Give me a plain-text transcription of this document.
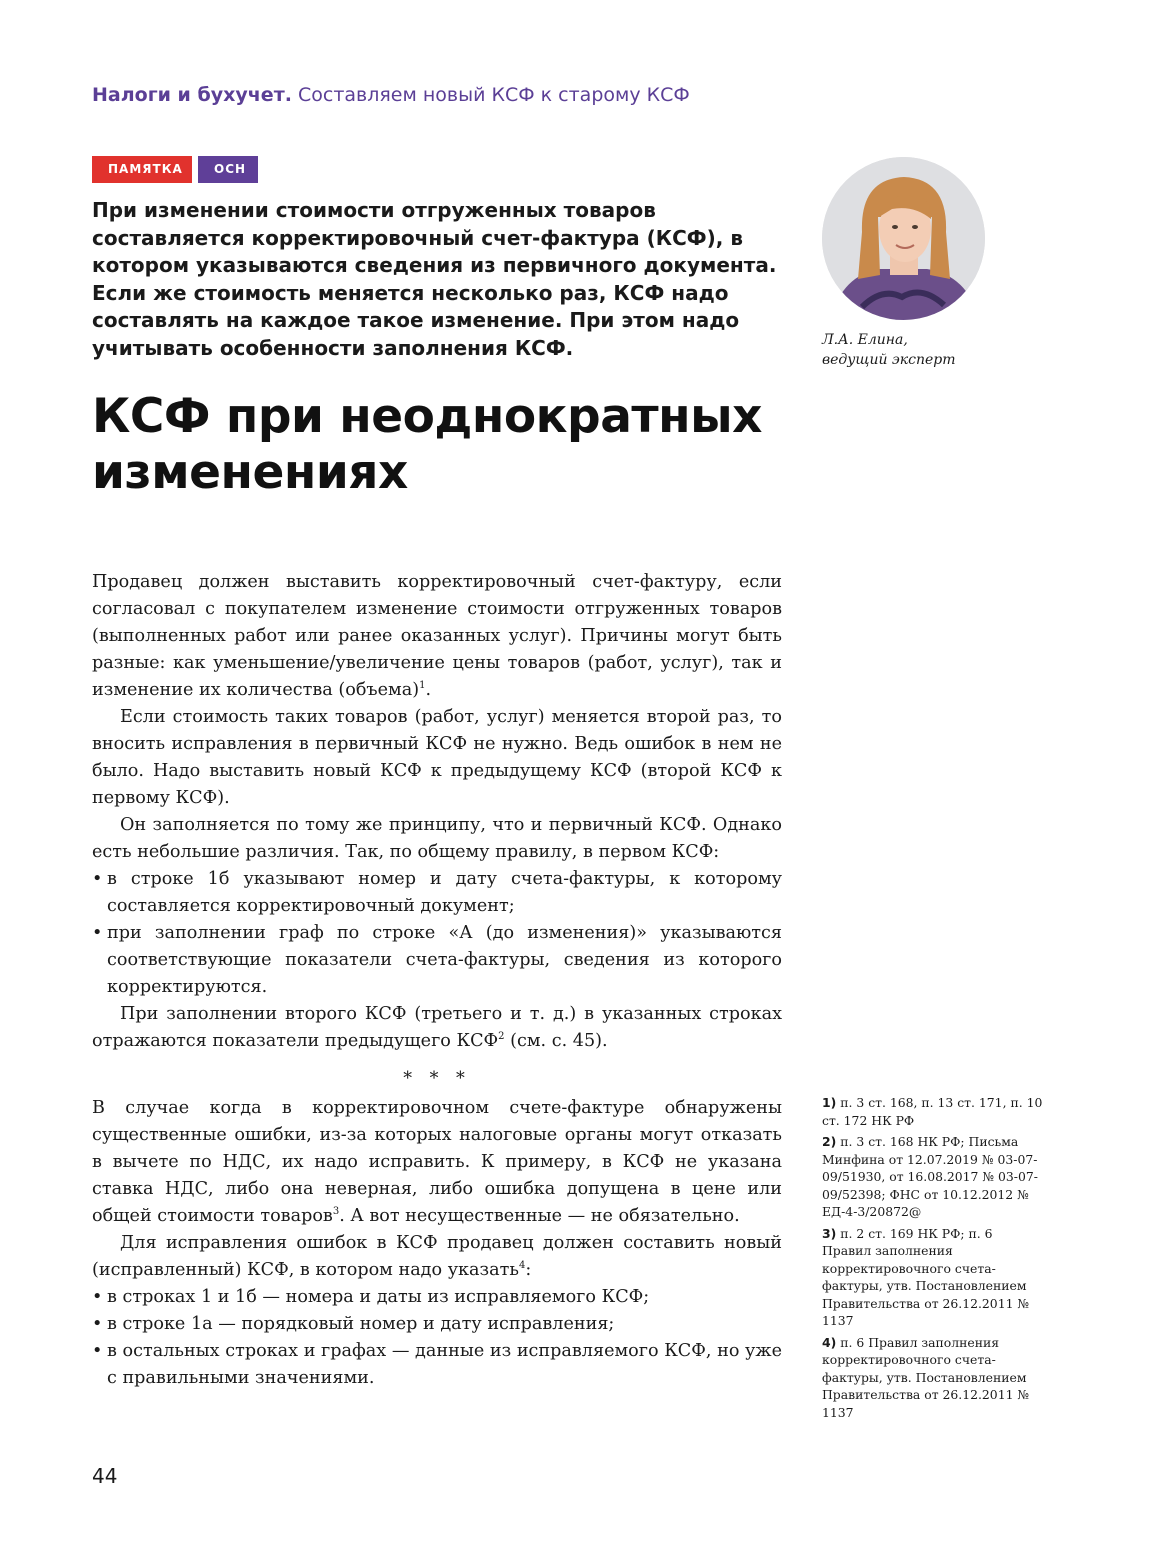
Налоги и бухучет. Составляем новый КСФ к старому КСФ
ПАМЯТКА	ОСН

При изменении стоимости отгруженных товаров составляется корректировочный счет-фактура (КСФ), в котором указываются сведения из первичного документа. Если же стоимость меняется несколько раз, КСФ надо составлять на каждое такое изменение. При этом надо учитывать особенности заполнения КСФ.	Л.А. Елина,
ведущий эксперт
КСФ при неоднократных изменениях

Продавец должен выставить корректировочный счет-фактуру, если согласовал с покупателем изменение стоимости отгруженных товаров (выполненных работ или ранее оказанных услуг). Причины могут быть разные: как уменьшение/увеличение цены товаров (работ, услуг), так и изменение их количества (объема)$^1$.

Если стоимость таких товаров (работ, услуг) меняется второй раз, то вносить исправления в первичный КСФ не нужно. Ведь ошибок в нем не было. Надо выставить новый КСФ к предыдущему КСФ (второй КСФ к первому КСФ).

Он заполняется по тому же принципу, что и первичный КСФ. Однако есть небольшие различия. Так, по общему правилу, в первом КСФ:

• в строке 1б указывают номер и дату счета-фактуры, к которому составляется корректировочный документ;
• при заполнении граф по строке «А (до изменения)» указываются соответствующие показатели счета-фактуры, сведения из которого корректируются.

При заполнении второго КСФ (третьего и т. д.) в указанных строках отражаются показатели предыдущего КСФ$^2$ (см. с. 45).

* * *

В случае когда в корректировочном счете-фактуре обнаружены существенные ошибки, из-за которых налоговые органы могут отказать в вычете по НДС, их надо исправить. К примеру, в КСФ не указана ставка НДС, либо она неверная, либо ошибка допущена в цене или общей стоимости товаров$^3$. А вот несущественные — не обязательно.

Для исправления ошибок в КСФ продавец должен составить новый (исправленный) КСФ, в котором надо указать$^4$:

• в строках 1 и 1б — номера и даты из исправляемого КСФ;
• в строке 1а — порядковый номер и дату исправления;
• в остальных строках и графах — данные из исправляемого КСФ, но уже с правильными значениями.

1) п. 3 ст. 168, п. 13 ст. 171, п. 10 ст. 172 НК РФ

2) п. 3 ст. 168 НК РФ; Письма Минфина от 12.07.2019 № 03-07-09/51930, от 16.08.2017 № 03-07-09/52398; ФНС от 10.12.2012 № ЕД-4-3/20872@

3) п. 2 ст. 169 НК РФ; п. 6 Правил заполнения корректировочного счета-фактуры, утв. Постановлением Правительства от 26.12.2011 № 1137

4) п. 6 Правил заполнения корректировочного счета-фактуры, утв. Постановлением Правительства от 26.12.2011 № 1137

44
